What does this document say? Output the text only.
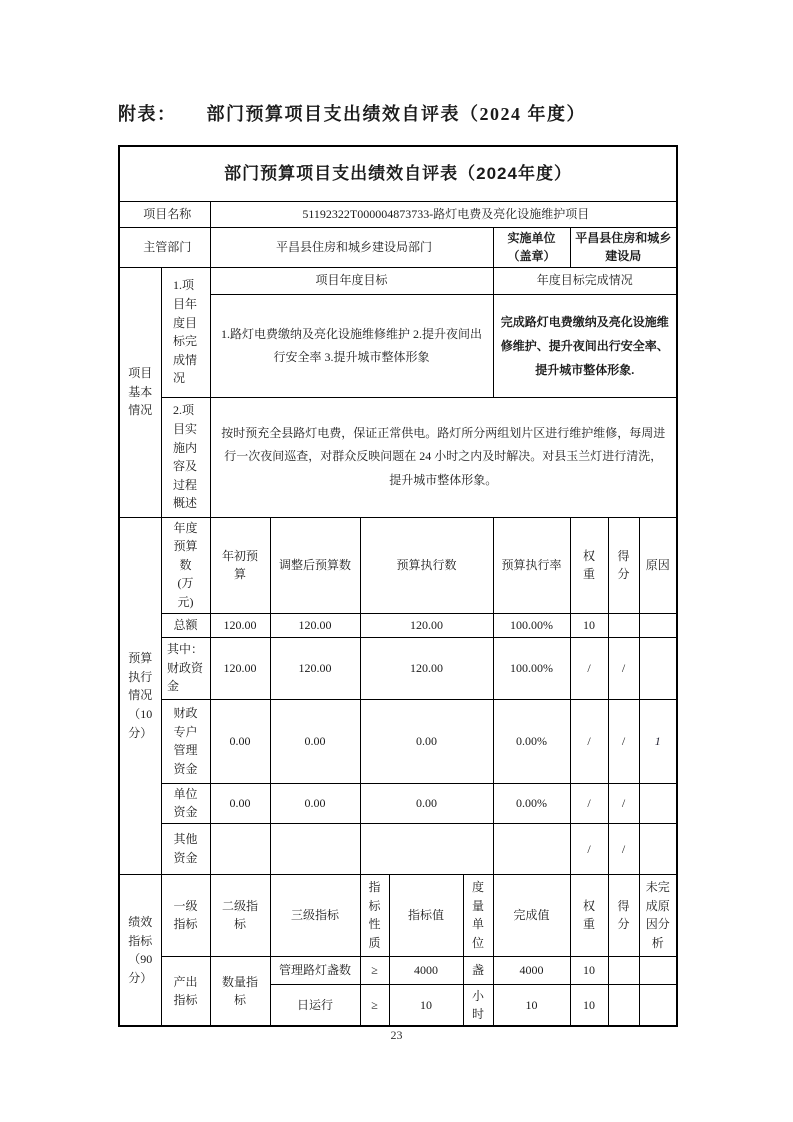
附表： 部门预算项目支出绩效自评表（2024 年度）
部门预算项目支出绩效自评表（2024年度）										
项目名称		51192322T000004873733-路灯电费及亮化设施维护项目								
主管部门		平昌县住房和城乡建设局部门					实施单位（盖章）	平昌县住房和城乡建设局		

项目基本情况	1.项目年度目标完成情况	项目年度目标					年度目标完成情况			
		1.路灯电费缴纳及亮化设施维修维护 2.提升夜间出行安全率 3.提升城市整体形象					完成路灯电费缴纳及亮化设施维修维护、提升夜间出行安全率、提升城市整体形象.			

	2.项目实施内容及过程概述	按时预充全县路灯电费，保证正常供电。路灯所分两组划片区进行维护维修，每周进行一次夜间巡查，对群众反映问题在 24 小时之内及时解决。对县玉兰灯进行清洗，提升城市整体形象。								

预算执行情况（10分）	年度预算数(万元)	年初预算	调整后预算数	预算执行数			预算执行率	权重	得分	原因
	总额	120.00	120.00	120.00			100.00%	10		

	其中：财政资金	120.00	120.00	120.00			100.00%	/	/	

	财政专户管理资金	0.00	0.00	0.00			0.00%	/	/	1

	单位资金	0.00	0.00	0.00			0.00%	/	/	

	其他资金							/	/	

绩效指标（90分）	一级指标	二级指标	三级指标	指标性质	指标值	度量单位	完成值	权重	得分	未完成原因分析

	产出指标	数量指标	管理路灯盏数	≥	4000	盏	4000	10		
			日运行	≥	10	小时	10	10		
23
